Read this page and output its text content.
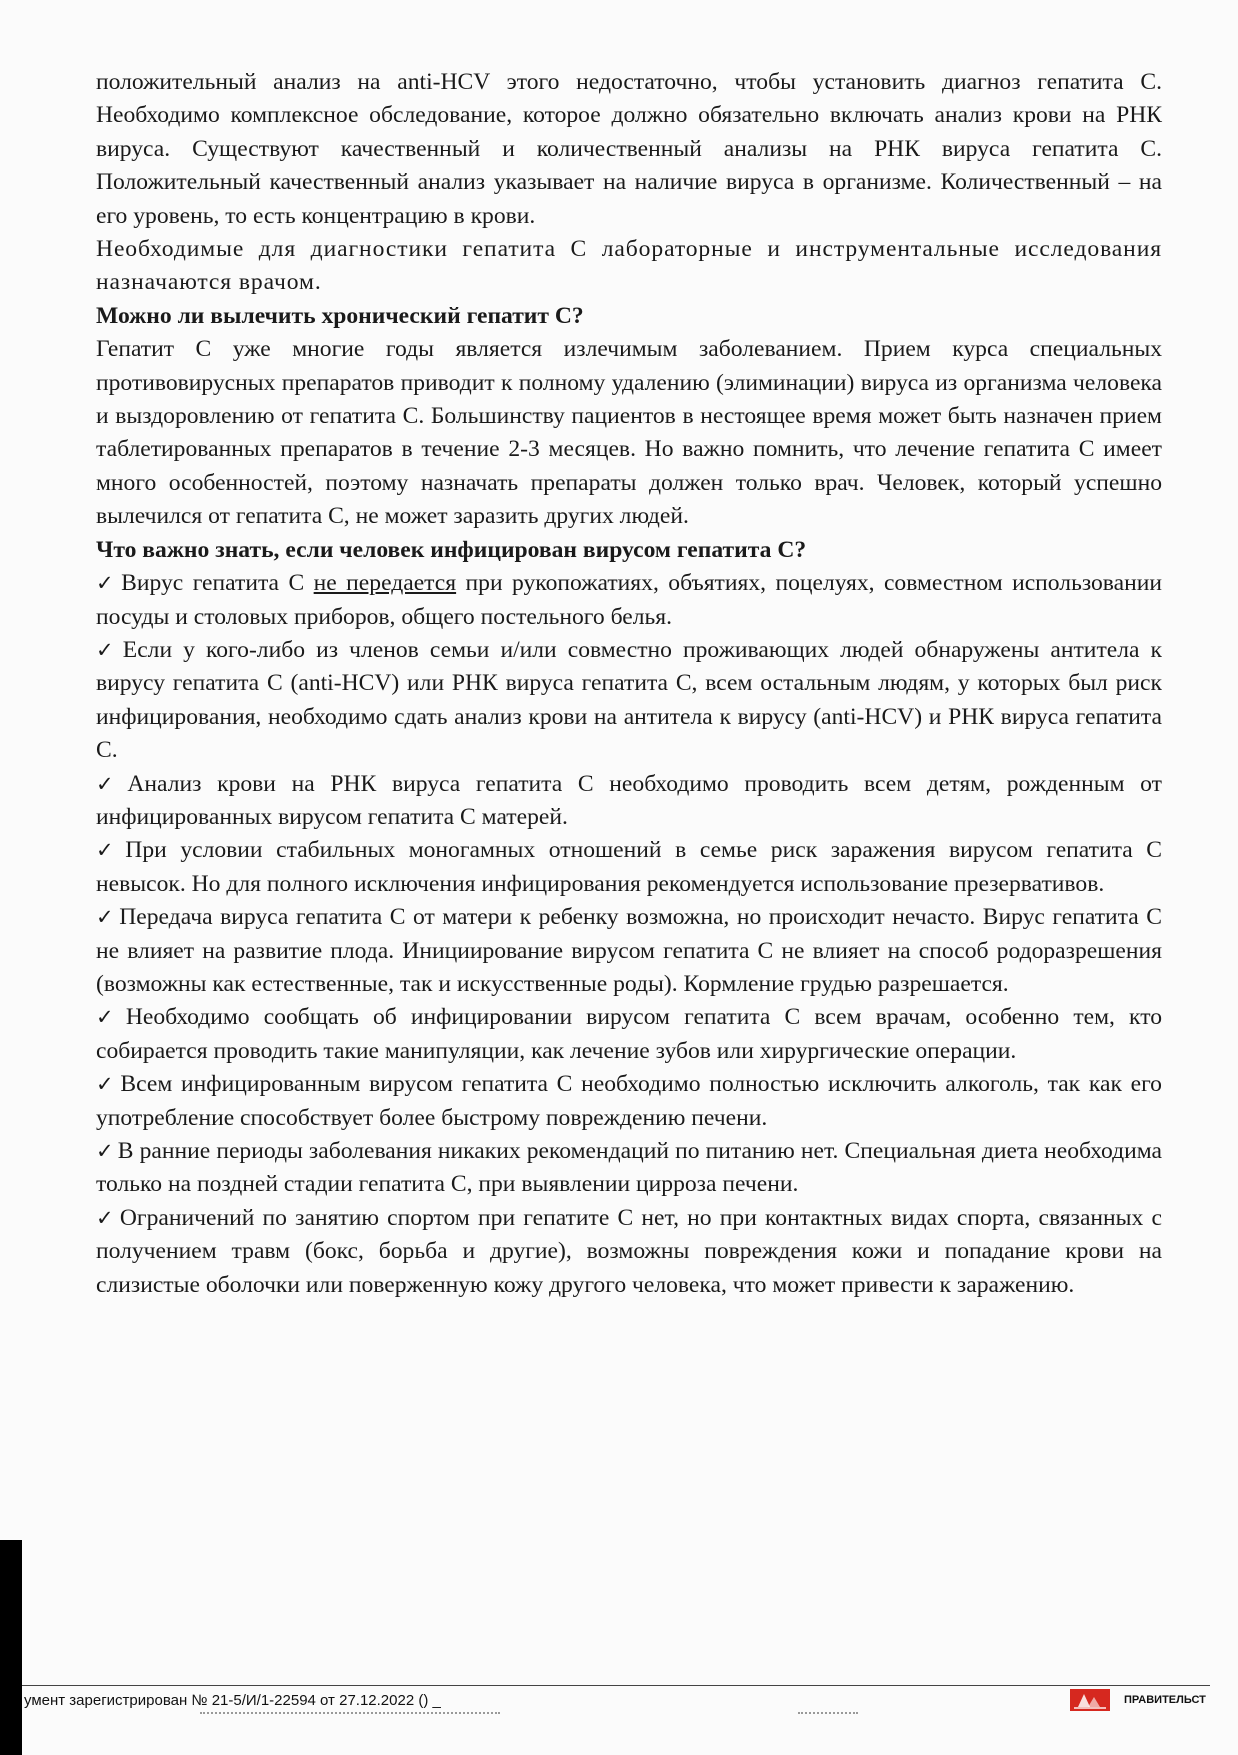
положительный анализ на anti-HCV этого недостаточно, чтобы установить диагноз гепатита С. Необходимо комплексное обследование, которое должно обязательно включать анализ крови на РНК вируса. Существуют качественный и количественный анализы на РНК вируса гепатита С. Положительный качественный анализ указывает на наличие вируса в организме. Количественный – на его уровень, то есть концентрацию в крови.

Необходимые для диагностики гепатита С лабораторные и инструментальные исследования назначаются врачом.

Можно ли вылечить хронический гепатит С?

Гепатит С уже многие годы является излечимым заболеванием. Прием курса специальных противовирусных препаратов приводит к полному удалению (элиминации) вируса из организма человека и выздоровлению от гепатита С. Большинству пациентов в нестоящее время может быть назначен прием таблетированных препаратов в течение 2-3 месяцев. Но важно помнить, что лечение гепатита С имеет много особенностей, поэтому назначать препараты должен только врач. Человек, который успешно вылечился от гепатита С, не может заразить других людей.

Что важно знать, если человек инфицирован вирусом гепатита С?

✓ Вирус гепатита С не передается при рукопожатиях, объятиях, поцелуях, совместном использовании посуды и столовых приборов, общего постельного белья.

✓ Если у кого-либо из членов семьи и/или совместно проживающих людей обнаружены антитела к вирусу гепатита С (anti-HCV) или РНК вируса гепатита С, всем остальным людям, у которых был риск инфицирования, необходимо сдать анализ крови на антитела к вирусу (anti-HCV) и РНК вируса гепатита С.

✓ Анализ крови на РНК вируса гепатита С необходимо проводить всем детям, рожденным от инфицированных вирусом гепатита С матерей.

✓ При условии стабильных моногамных отношений в семье риск заражения вирусом гепатита С невысок. Но для полного исключения инфицирования рекомендуется использование презервативов.

✓ Передача вируса гепатита С от матери к ребенку возможна, но происходит нечасто. Вирус гепатита С не влияет на развитие плода. Инициирование вирусом гепатита С не влияет на способ родоразрешения (возможны как естественные, так и искусственные роды). Кормление грудью разрешается.

✓ Необходимо сообщать об инфицировании вирусом гепатита С всем врачам, особенно тем, кто собирается проводить такие манипуляции, как лечение зубов или хирургические операции.

✓ Всем инфицированным вирусом гепатита С необходимо полностью исключить алкоголь, так как его употребление способствует более быстрому повреждению печени.

✓ В ранние периоды заболевания никаких рекомендаций по питанию нет. Специальная диета необходима только на поздней стадии гепатита С, при выявлении цирроза печени.

✓ Ограничений по занятию спортом при гепатите С нет, но при контактных видах спорта, связанных с получением травм (бокс, борьба и другие), возможны повреждения кожи и попадание крови на слизистые оболочки или поверженную кожу другого человека, что может привести к заражению.

умент зарегистрирован № 21-5/И/1-22594 от 27.12.2022 () _	ПРАВИТЕЛЬСТ
